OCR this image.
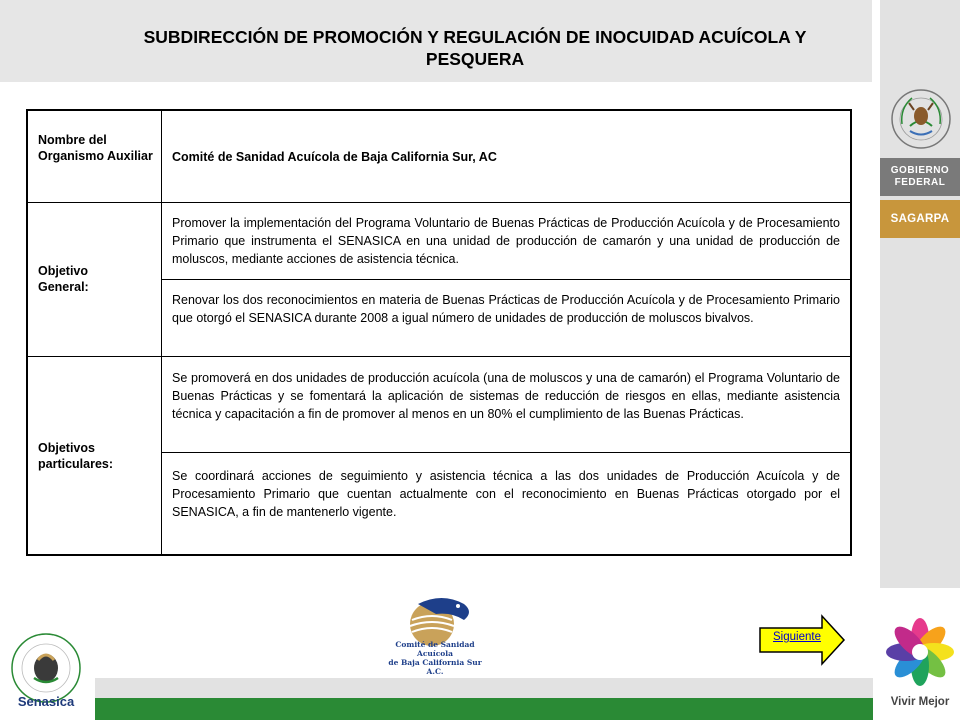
SUBDIRECCIÓN DE PROMOCIÓN Y REGULACIÓN DE INOCUIDAD ACUÍCOLA Y PESQUERA
GOBIERNO FEDERAL
SAGARPA
Nombre del Organismo Auxiliar Comité de Sanidad Acuícola de Baja California Sur, AC
Objetivo General:
Promover la implementación del Programa Voluntario de Buenas Prácticas de Producción Acuícola y de Procesamiento Primario que instrumenta el SENASICA en una unidad de producción de camarón y una unidad de producción de moluscos, mediante acciones de asistencia técnica.
Renovar los dos reconocimientos en materia de Buenas Prácticas de Producción Acuícola y de Procesamiento Primario que otorgó el SENASICA durante 2008 a igual número de unidades de producción de moluscos bivalvos.
Objetivos particulares:
Se promoverá en dos unidades de producción acuícola (una de moluscos y una de camarón) el Programa Voluntario de Buenas Prácticas y se fomentará la aplicación de sistemas de reducción de riesgos en ellas, mediante asistencia técnica y capacitación a fin de promover al menos en un 80% el cumplimiento de las Buenas Prácticas.
Se coordinará acciones de seguimiento y asistencia técnica a las dos unidades de Producción Acuícola y de Procesamiento Primario que cuentan actualmente con el reconocimiento en Buenas Prácticas otorgado por el SENASICA, a fin de mantenerlo vigente.
Siguiente
Comité de Sanidad Acuícola
de Baja California Sur A.C.
Senasica	Vivir Mejor
